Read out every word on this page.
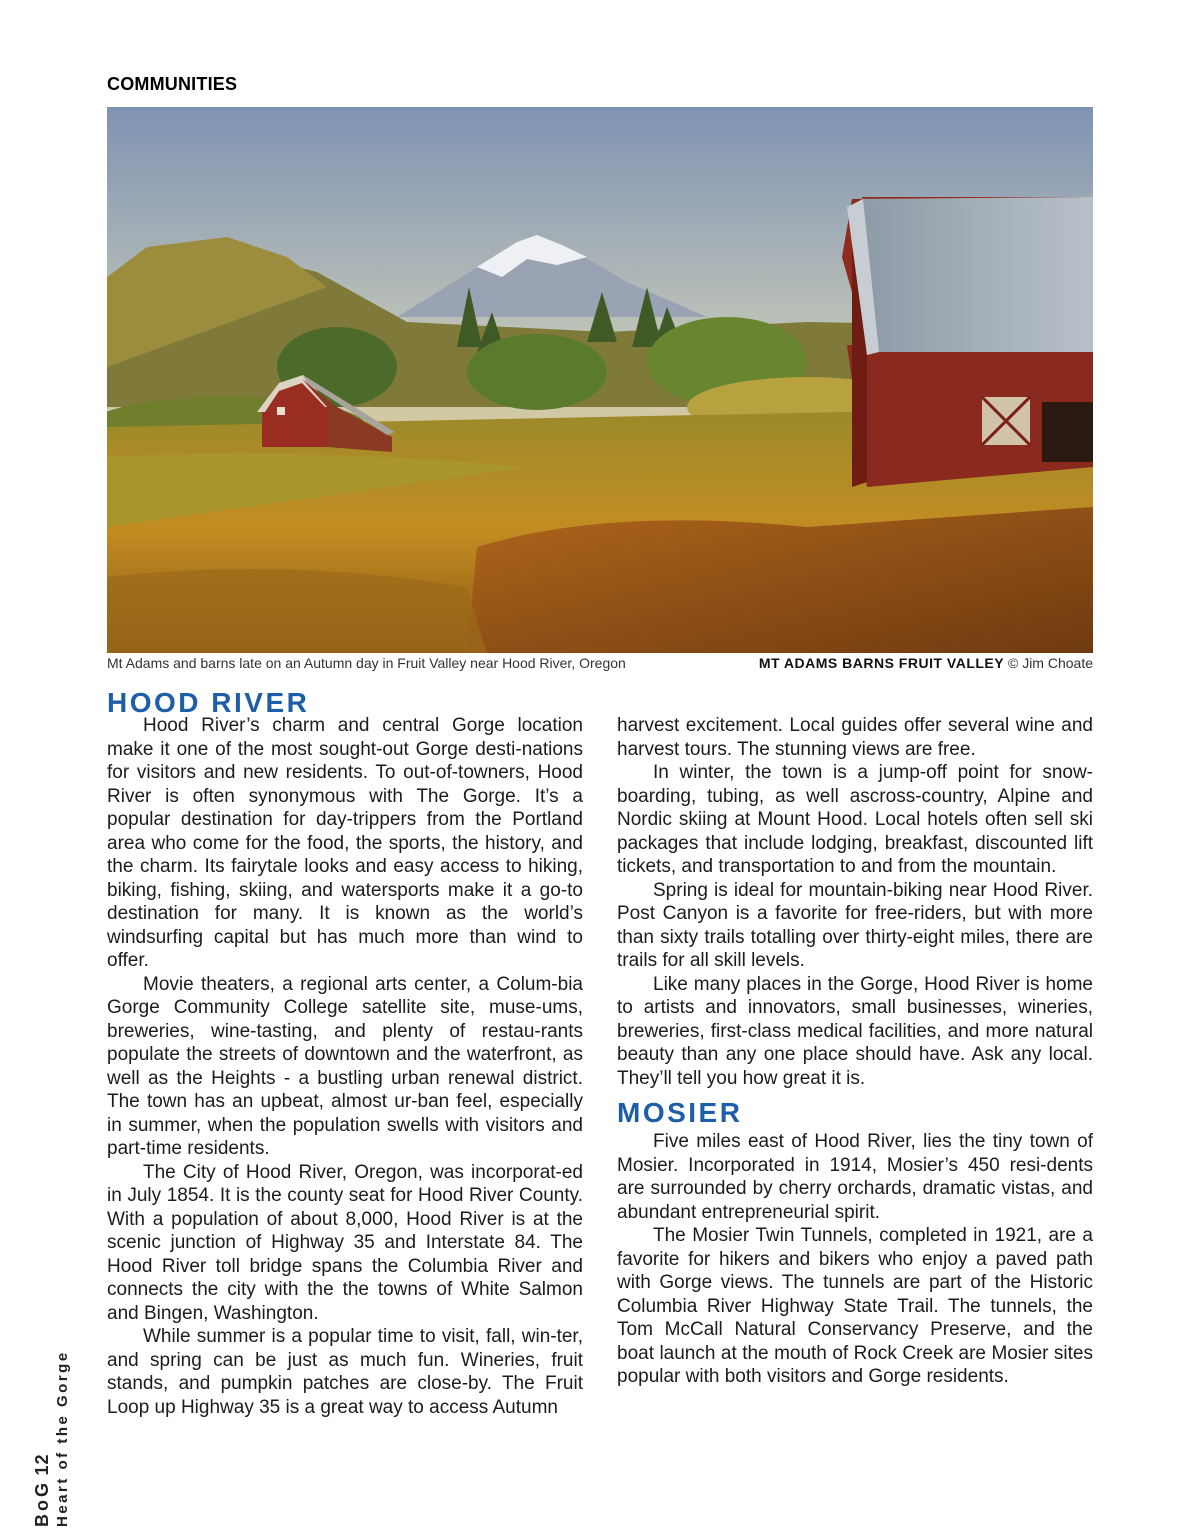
COMMUNITIES
Mt Adams and barns late on an Autumn day in Fruit Valley near Hood River, Oregon	MT ADAMS BARNS FRUIT VALLEY © Jim Choate
HOOD RIVER

Hood River’s charm and central Gorge location make it one of the most sought-out Gorge desti-nations for visitors and new residents. To out-of-towners, Hood River is often synonymous with The Gorge. It’s a popular destination for day-trippers from the Portland area who come for the food, the sports, the history, and the charm. Its fairytale looks and easy access to hiking, biking, fishing, skiing, and watersports make it a go-to destination for many. It is known as the world’s windsurfing capital but has much more than wind to offer.

Movie theaters, a regional arts center, a Colum-bia Gorge Community College satellite site, muse-ums, breweries, wine-tasting, and plenty of restau-rants populate the streets of downtown and the waterfront, as well as the Heights - a bustling urban renewal district. The town has an upbeat, almost ur-ban feel, especially in summer, when the population swells with visitors and part-time residents.

The City of Hood River, Oregon, was incorporat-ed in July 1854. It is the county seat for Hood River County. With a population of about 8,000, Hood River is at the scenic junction of Highway 35 and Interstate 84. The Hood River toll bridge spans the Columbia River and connects the city with the the towns of White Salmon and Bingen, Washington.

While summer is a popular time to visit, fall, win-ter, and spring can be just as much fun. Wineries, fruit stands, and pumpkin patches are close-by. The Fruit Loop up Highway 35 is a great way to access Autumn

harvest excitement. Local guides offer several wine and harvest tours. The stunning views are free.

In winter, the town is a jump-off point for snow-boarding, tubing, as well ascross-country, Alpine and Nordic skiing at Mount Hood. Local hotels often sell ski packages that include lodging, breakfast, discounted lift tickets, and transportation to and from the mountain.

Spring is ideal for mountain-biking near Hood River. Post Canyon is a favorite for free-riders, but with more than sixty trails totalling over thirty-eight miles, there are trails for all skill levels.

Like many places in the Gorge, Hood River is home to artists and innovators, small businesses, wineries, breweries, first-class medical facilities, and more natural beauty than any one place should have. Ask any local. They’ll tell you how great it is.

MOSIER

Five miles east of Hood River, lies the tiny town of Mosier. Incorporated in 1914, Mosier’s 450 resi-dents are surrounded by cherry orchards, dramatic vistas, and abundant entrepreneurial spirit.

The Mosier Twin Tunnels, completed in 1921, are a favorite for hikers and bikers who enjoy a paved path with Gorge views. The tunnels are part of the Historic Columbia River Highway State Trail. The tunnels, the Tom McCall Natural Conservancy Preserve, and the boat launch at the mouth of Rock Creek are Mosier sites popular with both visitors and Gorge residents.

BoG 12 Heart of the Gorge
